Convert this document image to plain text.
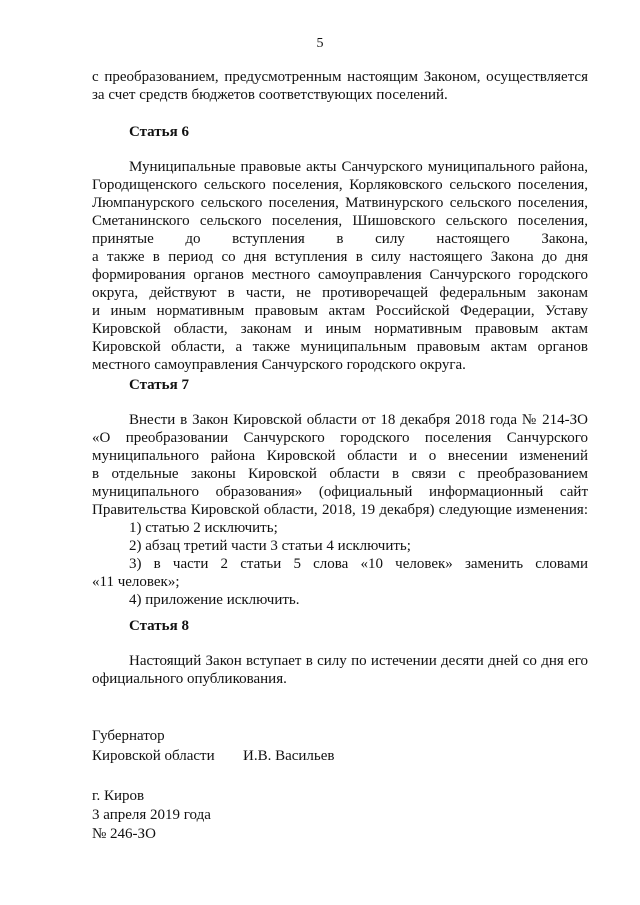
5
с преобразованием, предусмотренным настоящим Законом, осуществляется
за счет средств бюджетов соответствующих поселений.
Статья 6
Муниципальные правовые акты Санчурского муниципального района,
Городищенского сельского поселения, Корляковского сельского поселения,
Люмпанурского сельского поселения, Матвинурского сельского поселения,
Сметанинского сельского поселения, Шишовского сельского поселения,
принятые до вступления в силу настоящего Закона,
а также в период со дня вступления в силу настоящего Закона до дня
формирования органов местного самоуправления Санчурского городского
округа, действуют в части, не противоречащей федеральным законам
и иным нормативным правовым актам Российской Федерации, Уставу
Кировской области, законам и иным нормативным правовым актам
Кировской области, а также муниципальным правовым актам органов
местного самоуправления Санчурского городского округа.
Статья 7
Внести в Закон Кировской области от 18 декабря 2018 года № 214-ЗО
«О преобразовании Санчурского городского поселения Санчурского
муниципального района Кировской области и о внесении изменений
в отдельные законы Кировской области в связи с преобразованием
муниципального образования» (официальный информационный сайт
Правительства Кировской области, 2018, 19 декабря) следующие изменения:
1) статью 2 исключить;
2) абзац третий части 3 статьи 4 исключить;
3) в части 2 статьи 5 слова «10 человек» заменить словами
«11 человек»;
4) приложение исключить.
Статья 8
Настоящий Закон вступает в силу по истечении десяти дней со дня его
официального опубликования.
Губернатор
Кировской области И.В. Васильев
г. Киров
3 апреля 2019 года
№ 246-ЗО
